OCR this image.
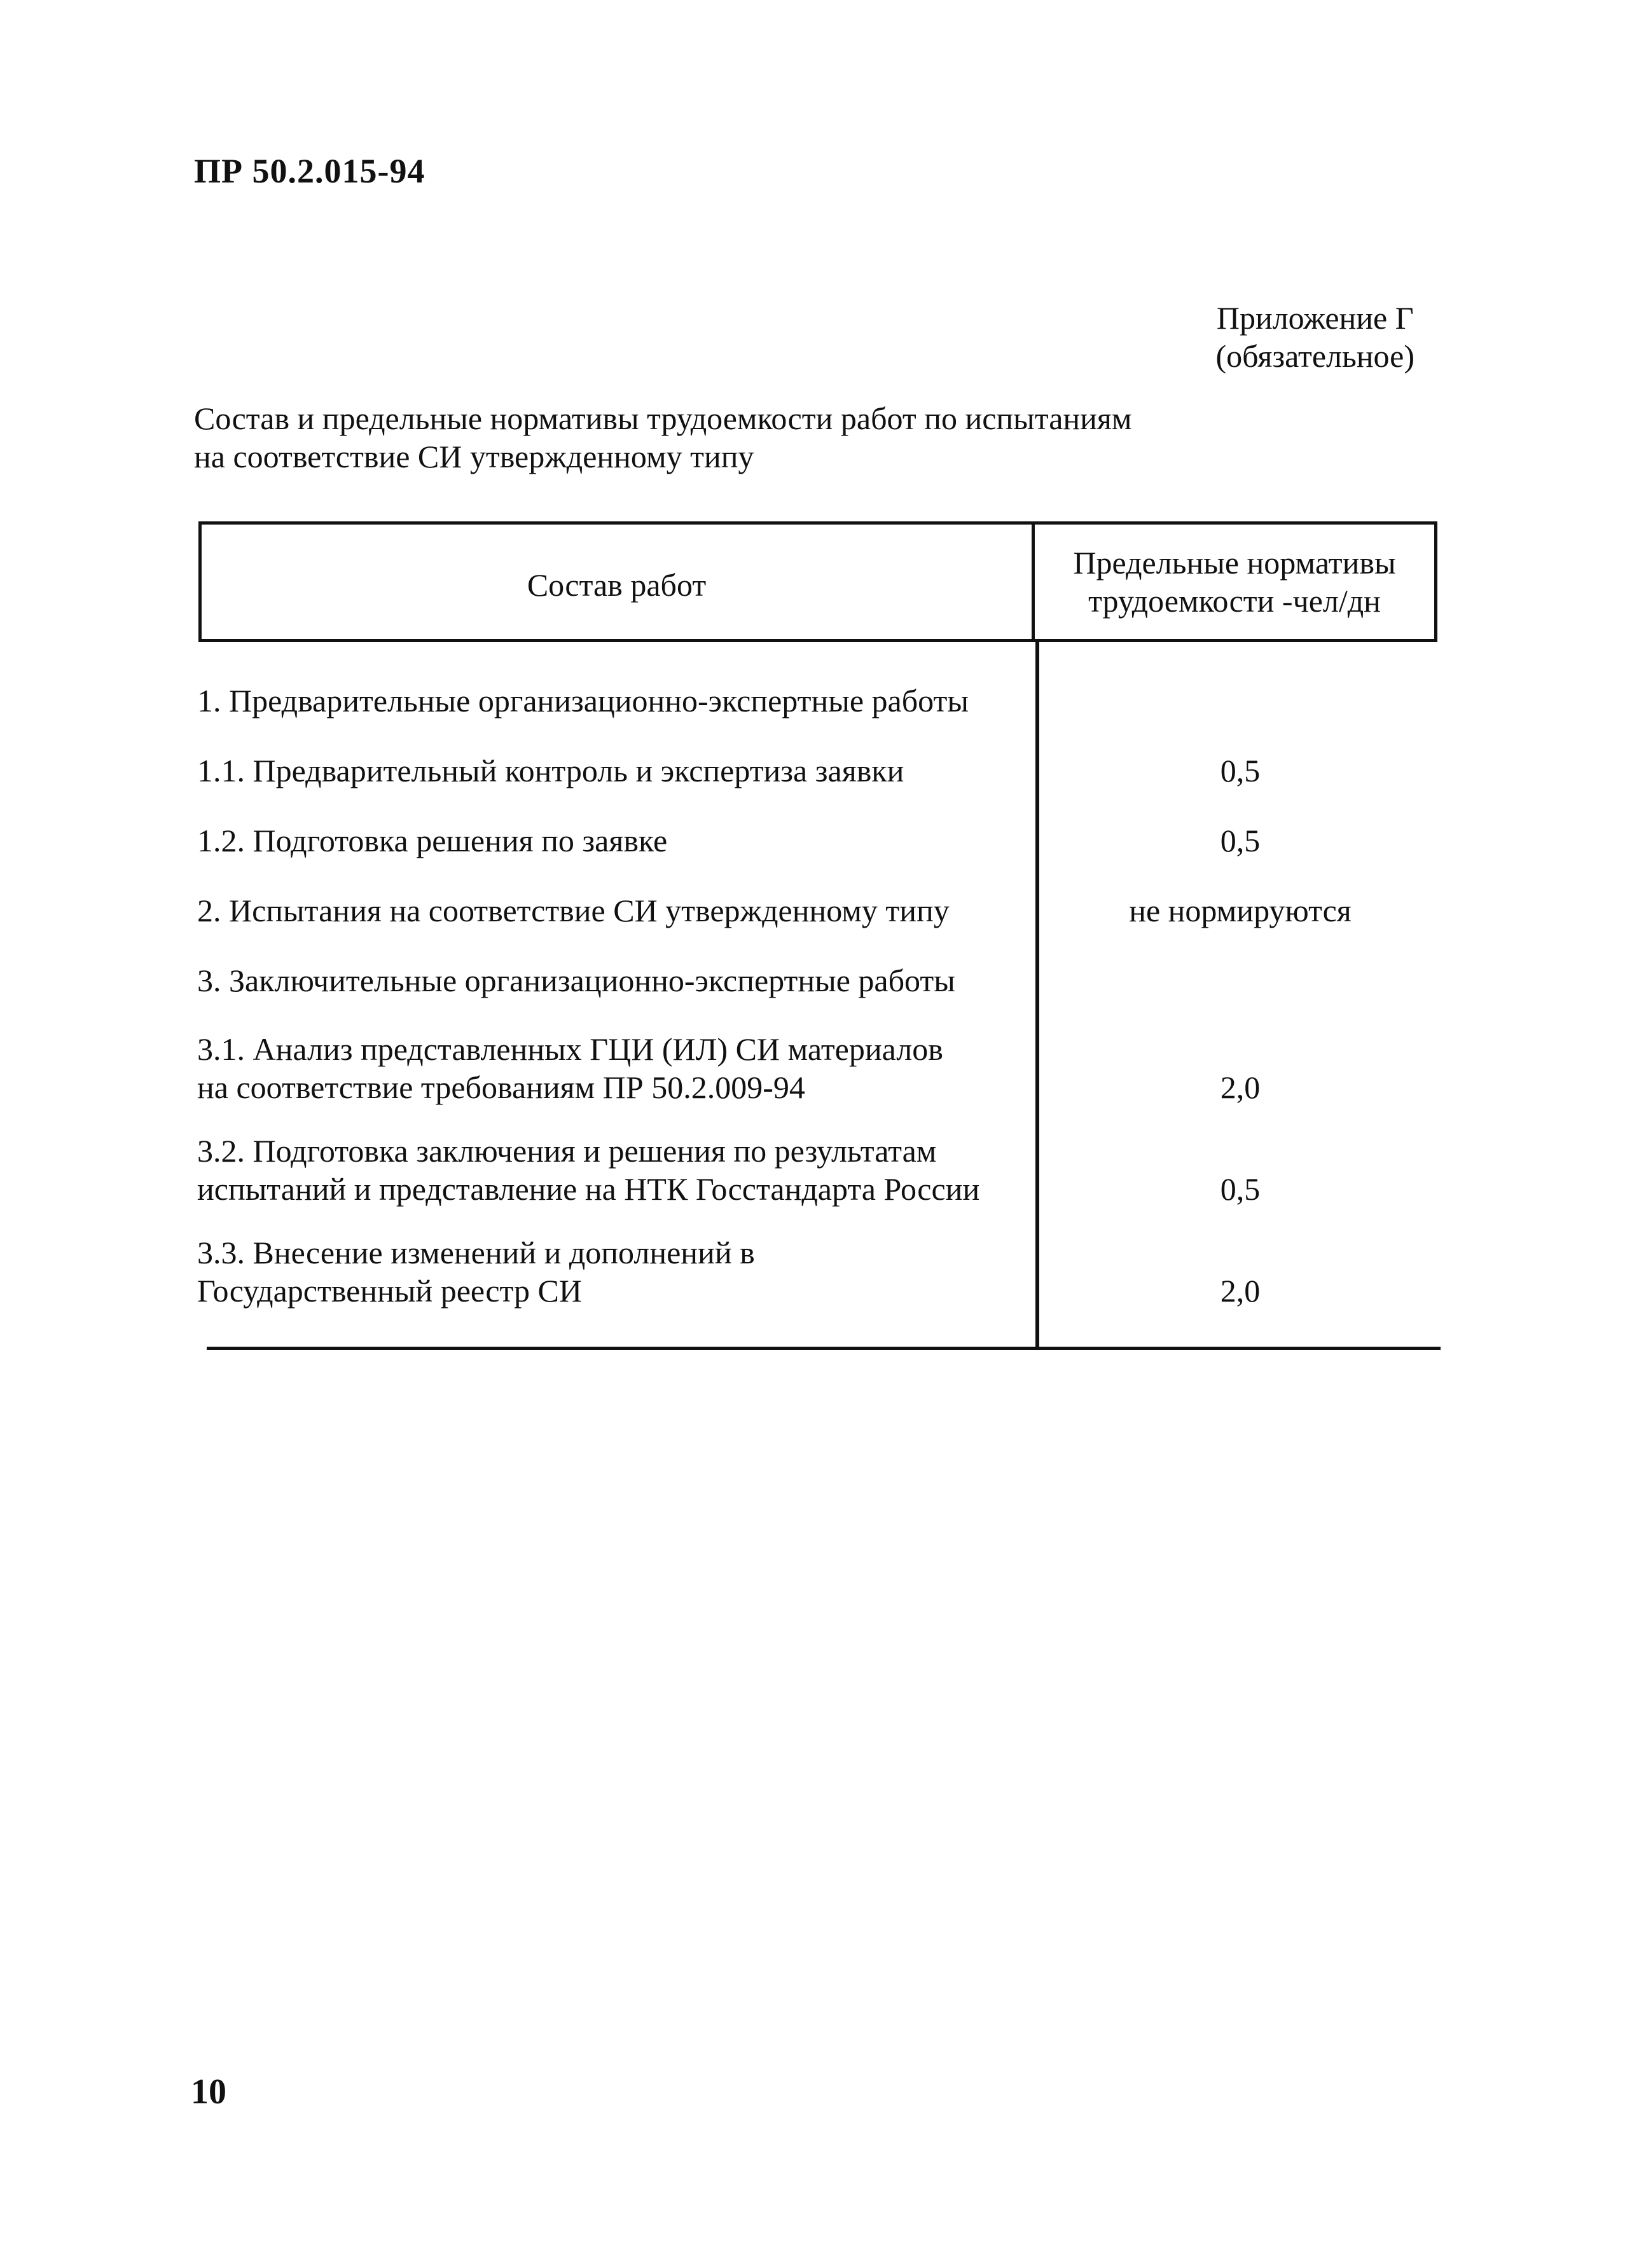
ПР 50.2.015-94
Приложение Г
(обязательное)
Состав и предельные нормативы трудоемкости работ по испытаниям
на соответствие СИ утвержденному типу
Состав работ
Предельные нормативы
трудоемкости -чел/дн
1. Предварительные организационно-экспертные работы
1.1. Предварительный контроль и экспертиза заявки	0,5
1.2. Подготовка решения по заявке	0,5
2. Испытания на соответствие СИ утвержденному типу	не нормируются
3. Заключительные организационно-экспертные работы
3.1. Анализ представленных ГЦИ (ИЛ) СИ материалов
на соответствие требованиям ПР 50.2.009-94	2,0
3.2. Подготовка заключения и решения по результатам
испытаний и представление на НТК Госстандарта России	0,5
3.3. Внесение изменений и дополнений в
Государственный реестр СИ	2,0
10
